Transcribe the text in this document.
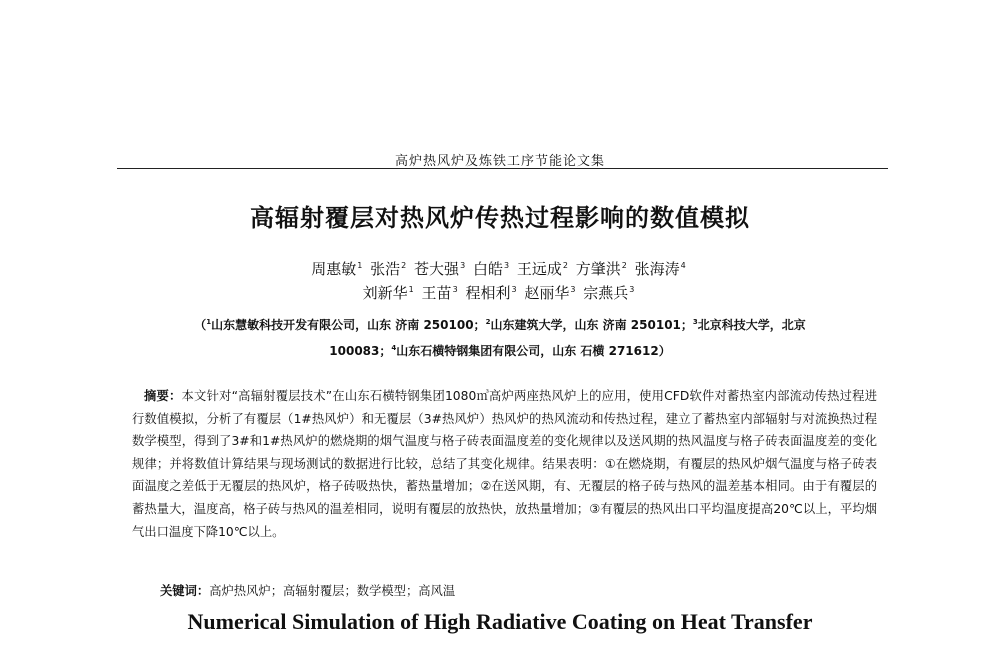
高炉热风炉及炼铁工序节能论文集
高辐射覆层对热风炉传热过程影响的数值模拟
周惠敏$^1$ 张浩$^2$ 苍大强$^3$ 白皓$^3$ 王远成$^2$ 方肇洪$^2$ 张海涛$^4$
刘新华$^1$ 王苗$^3$ 程相利$^3$ 赵丽华$^3$ 宗燕兵$^3$
（$^1$山东慧敏科技开发有限公司，山东 济南 250100；$^2$山东建筑大学，山东 济南 250101；$^3$北京科技大学，北京
100083；$^4$山东石横特钢集团有限公司，山东 石横 271612）
摘要：本文针对“高辐射覆层技术”在山东石横特钢集团1080㎥高炉两座热风炉上的应用，使用CFD软件对蓄热室内部流动传热过程进行数值模拟，分析了有覆层（1#热风炉）和无覆层（3#热风炉）热风炉的热风流动和传热过程，建立了蓄热室内部辐射与对流换热过程数学模型，得到了3#和1#热风炉的燃烧期的烟气温度与格子砖表面温度差的变化规律以及送风期的热风温度与格子砖表面温度差的变化规律；并将数值计算结果与现场测试的数据进行比较，总结了其变化规律。结果表明：①在燃烧期，有覆层的热风炉烟气温度与格子砖表面温度之差低于无覆层的热风炉，格子砖吸热快，蓄热量增加；②在送风期，有、无覆层的格子砖与热风的温差基本相同。由于有覆层的蓄热量大，温度高，格子砖与热风的温差相同，说明有覆层的放热快，放热量增加；③有覆层的热风出口平均温度提高20℃以上，平均烟气出口温度下降10℃以上。
关键词：高炉热风炉；高辐射覆层；数学模型；高风温
Numerical Simulation of High Radiative Coating on Heat Transfer
